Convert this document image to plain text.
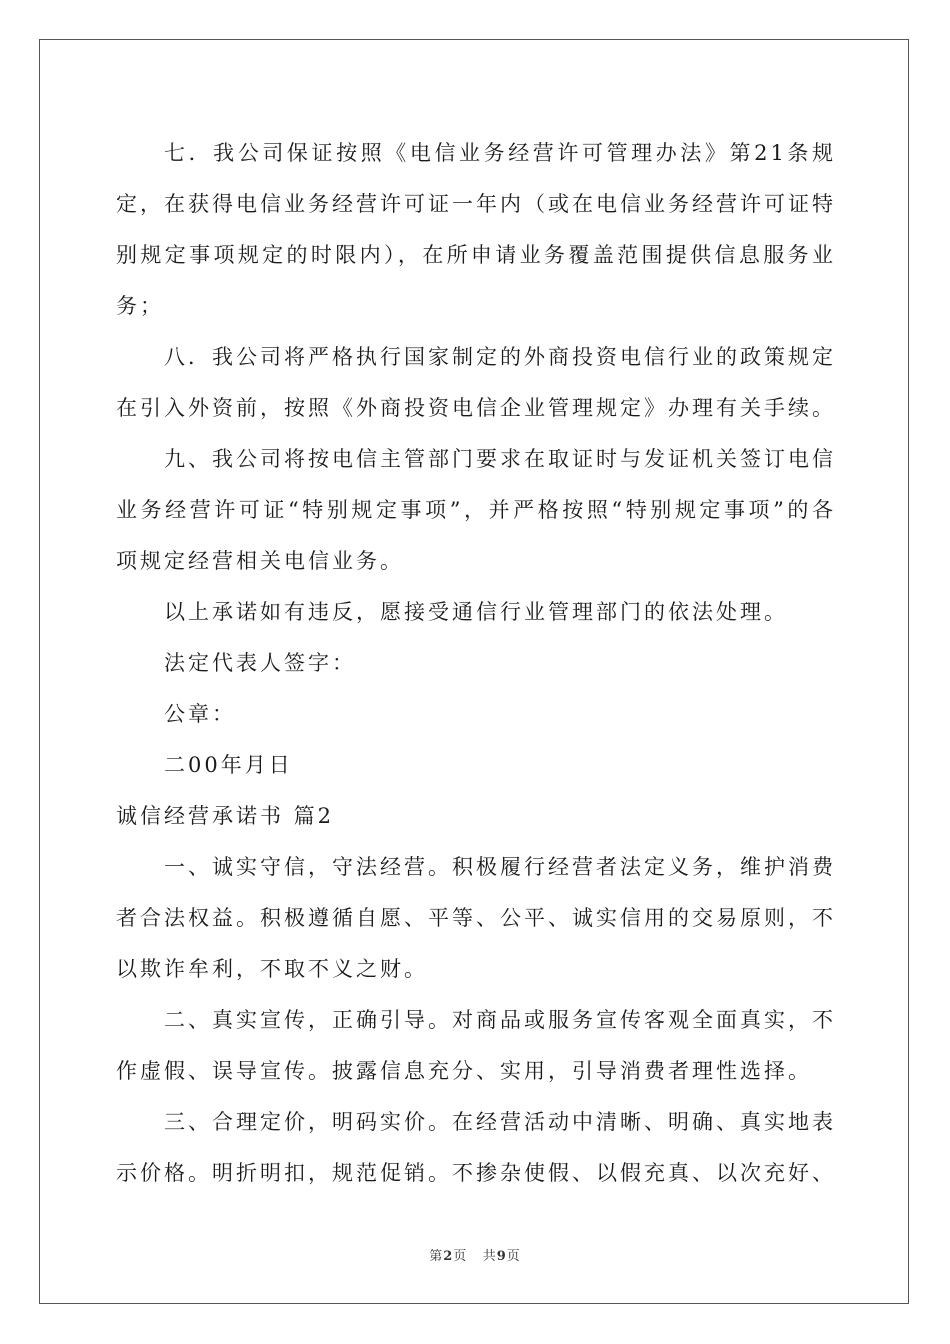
七．我公司保证按照《电信业务经营许可管理办法》第21条规定，在获得电信业务经营许可证一年内（或在电信业务经营许可证特别规定事项规定的时限内），在所申请业务覆盖范围提供信息服务业务；

八．我公司将严格执行国家制定的外商投资电信行业的政策规定在引入外资前，按照《外商投资电信企业管理规定》办理有关手续。

九、我公司将按电信主管部门要求在取证时与发证机关签订电信业务经营许可证“特别规定事项”，并严格按照“特别规定事项”的各项规定经营相关电信业务。

以上承诺如有违反，愿接受通信行业管理部门的依法处理。

法定代表人签字：

公章：

二00年月日

诚信经营承诺书 篇2

一、诚实守信，守法经营。积极履行经营者法定义务，维护消费者合法权益。积极遵循自愿、平等、公平、诚实信用的交易原则，不以欺诈牟利，不取不义之财。

二、真实宣传，正确引导。对商品或服务宣传客观全面真实，不作虚假、误导宣传。披露信息充分、实用，引导消费者理性选择。

三、合理定价，明码实价。在经营活动中清晰、明确、真实地表示价格。明折明扣，规范促销。不掺杂使假、以假充真、以次充好、

第2页 共9页
